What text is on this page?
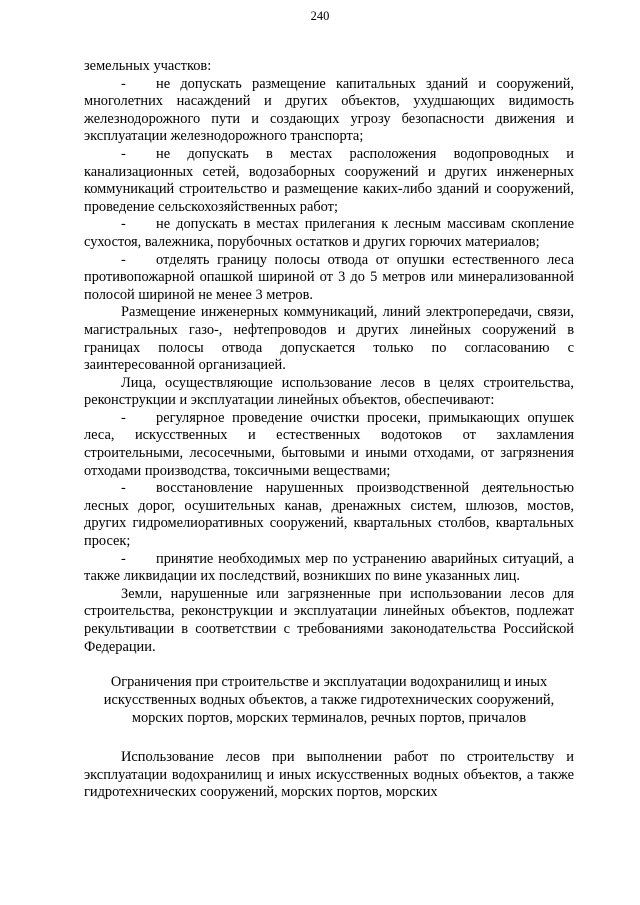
240

земельных участков:

- не допускать размещение капитальных зданий и сооружений, многолетних насаждений и других объектов, ухудшающих видимость железнодорожного пути и создающих угрозу безопасности движения и эксплуатации железнодорожного транспорта;

- не допускать в местах расположения водопроводных и канализационных сетей, водозаборных сооружений и других инженерных коммуникаций строительство и размещение каких-либо зданий и сооружений, проведение сельскохозяйственных работ;

- не допускать в местах прилегания к лесным массивам скопление сухостоя, валежника, порубочных остатков и других горючих материалов;

- отделять границу полосы отвода от опушки естественного леса противопожарной опашкой шириной от 3 до 5 метров или минерализованной полосой шириной не менее 3 метров.

Размещение инженерных коммуникаций, линий электропередачи, связи, магистральных газо-, нефтепроводов и других линейных сооружений в границах полосы отвода допускается только по согласованию с заинтересованной организацией.

Лица, осуществляющие использование лесов в целях строительства, реконструкции и эксплуатации линейных объектов, обеспечивают:

- регулярное проведение очистки просеки, примыкающих опушек леса, искусственных и естественных водотоков от захламления строительными, лесосечными, бытовыми и иными отходами, от загрязнения отходами производства, токсичными веществами;

- восстановление нарушенных производственной деятельностью лесных дорог, осушительных канав, дренажных систем, шлюзов, мостов, других гидромелиоративных сооружений, квартальных столбов, квартальных просек;

- принятие необходимых мер по устранению аварийных ситуаций, а также ликвидации их последствий, возникших по вине указанных лиц.

Земли, нарушенные или загрязненные при использовании лесов для строительства, реконструкции и эксплуатации линейных объектов, подлежат рекультивации в соответствии с требованиями законодательства Российской Федерации.

Ограничения при строительстве и эксплуатации водохранилищ и иных искусственных водных объектов, а также гидротехнических сооружений, морских портов, морских терминалов, речных портов, причалов

Использование лесов при выполнении работ по строительству и эксплуатации водохранилищ и иных искусственных водных объектов, а также гидротехнических сооружений, морских портов, морских
